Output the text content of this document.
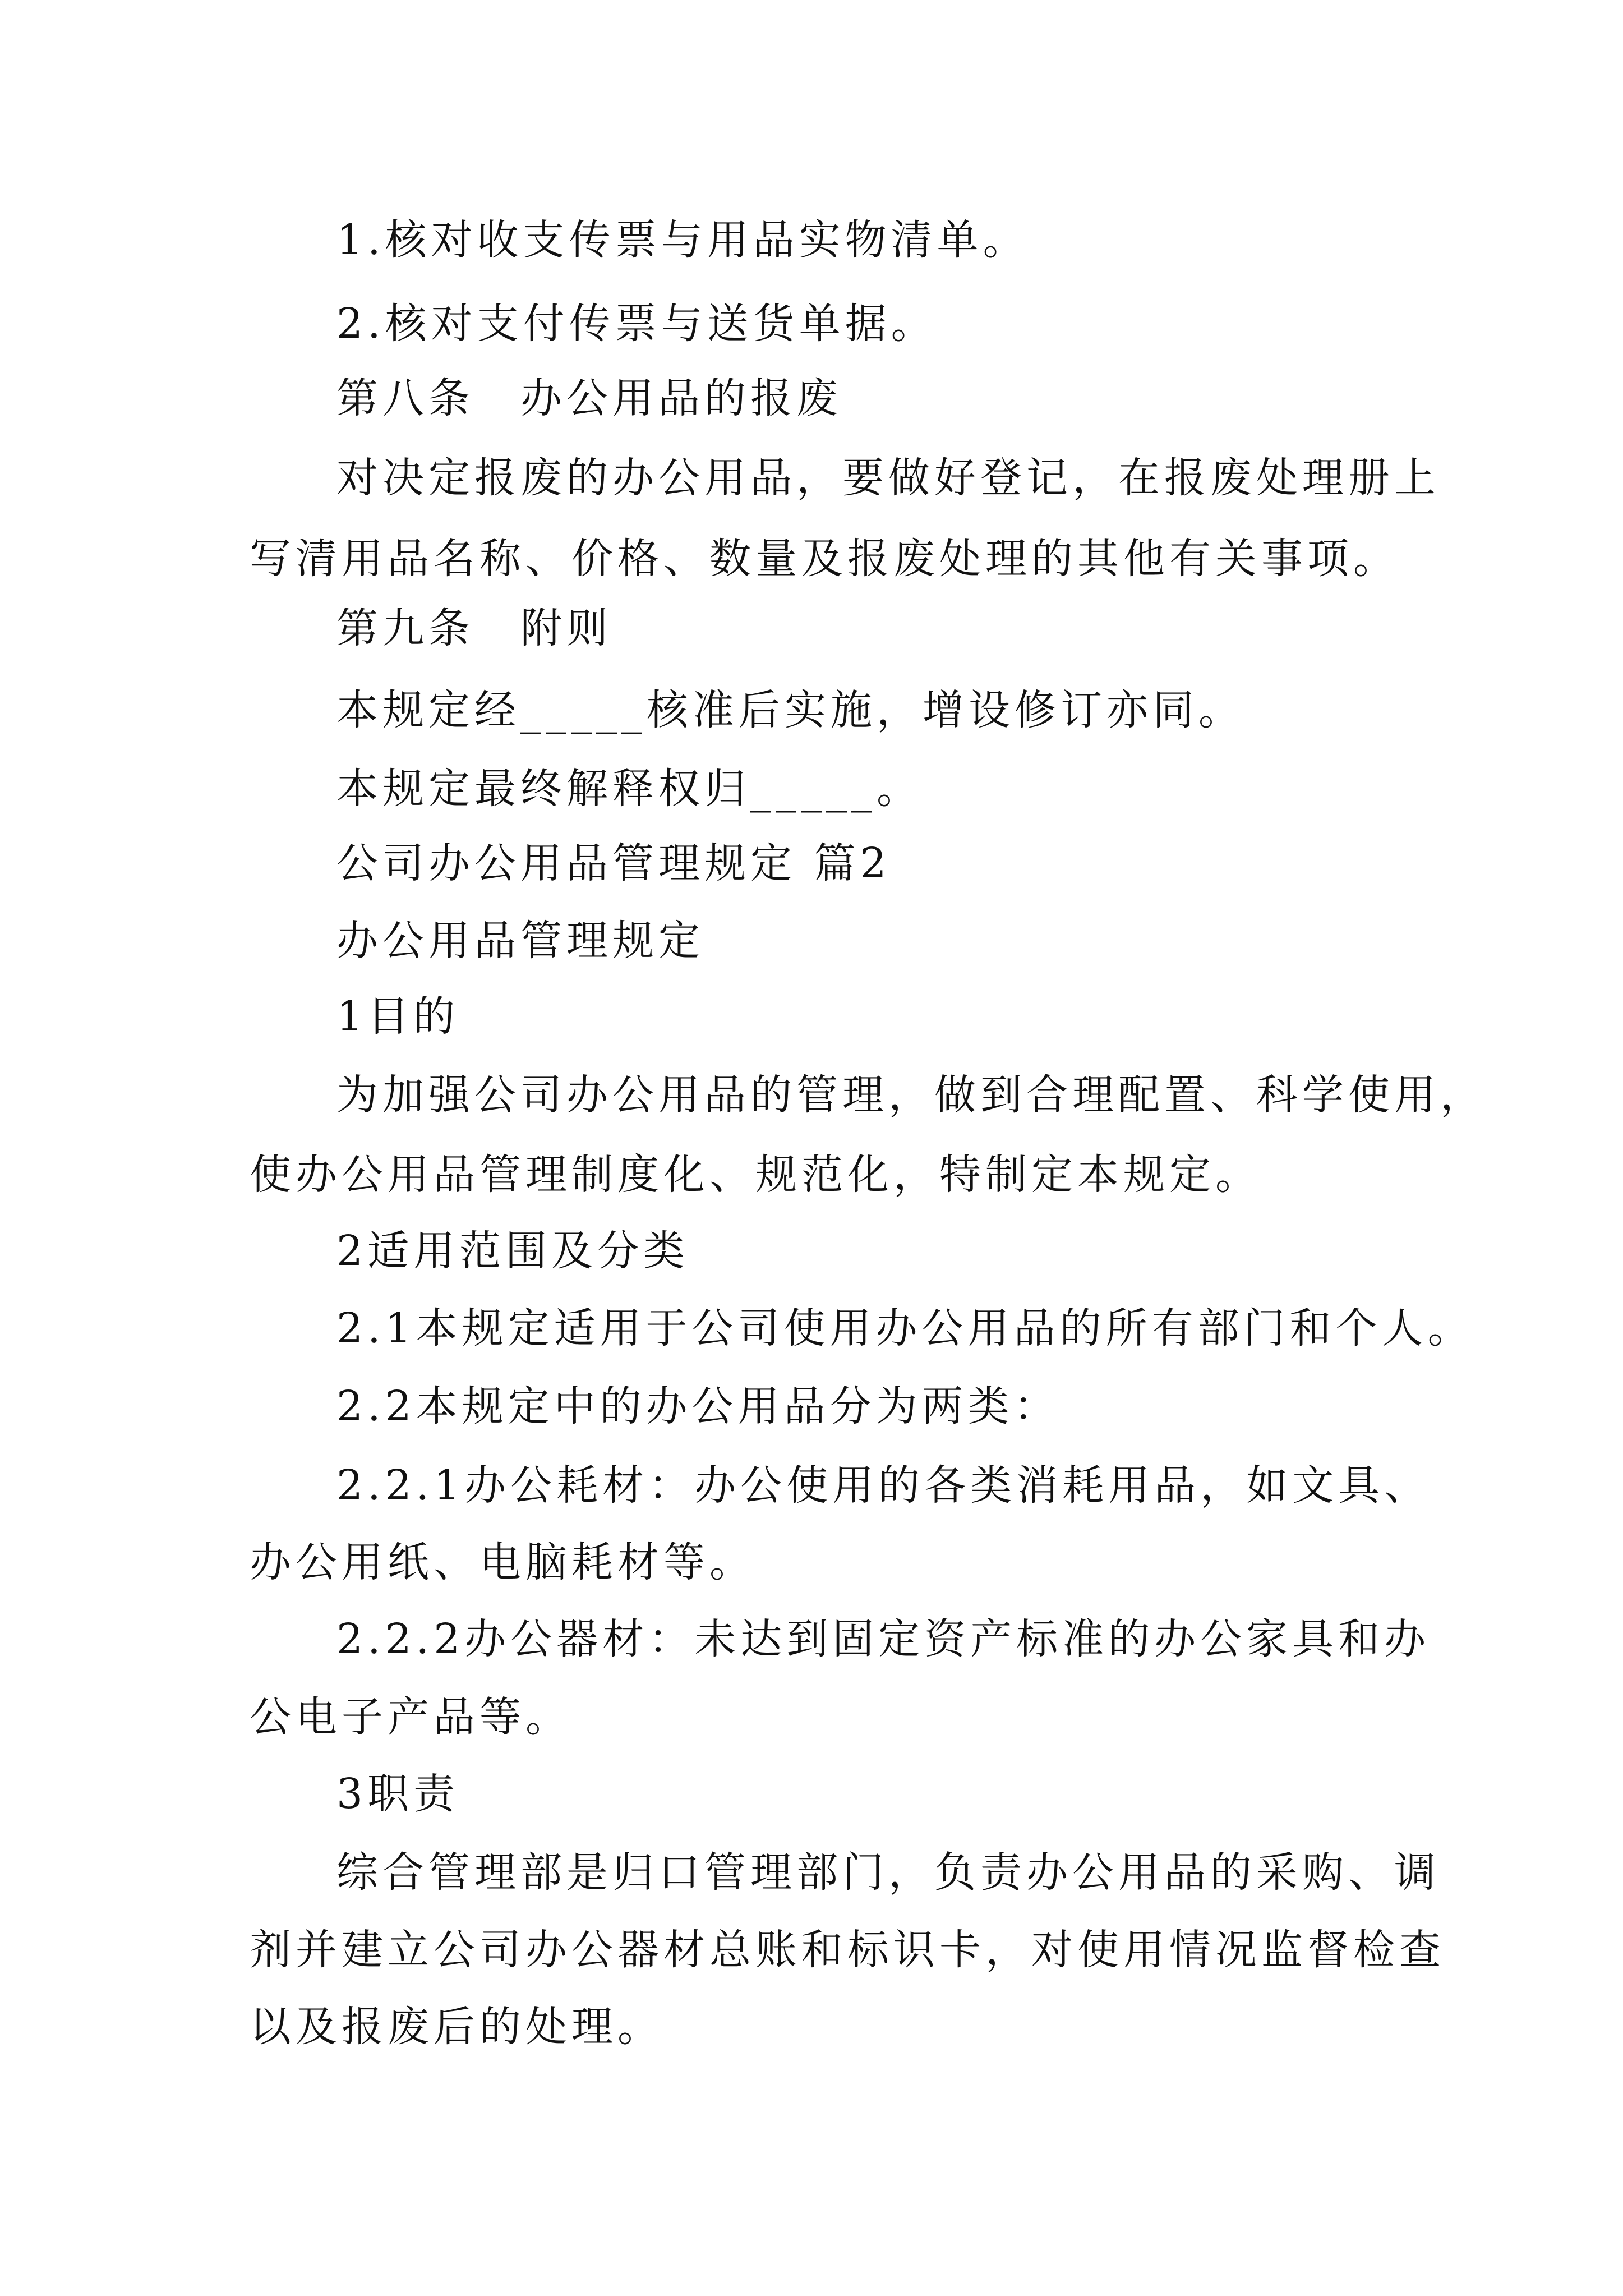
1.核对收支传票与用品实物清单。

2.核对支付传票与送货单据。

第八条　办公用品的报废

对决定报废的办公用品，要做好登记，在报废处理册上

写清用品名称、价格、数量及报废处理的其他有关事项。

第九条　附则

本规定经_____核准后实施，增设修订亦同。

本规定最终解释权归_____。

公司办公用品管理规定 篇2

办公用品管理规定

1目的

为加强公司办公用品的管理，做到合理配置、科学使用，

使办公用品管理制度化、规范化，特制定本规定。

2适用范围及分类

2.1本规定适用于公司使用办公用品的所有部门和个人。

2.2本规定中的办公用品分为两类：

2.2.1办公耗材：办公使用的各类消耗用品，如文具、

办公用纸、电脑耗材等。

2.2.2办公器材：未达到固定资产标准的办公家具和办

公电子产品等。

3职责

综合管理部是归口管理部门，负责办公用品的采购、调

剂并建立公司办公器材总账和标识卡，对使用情况监督检查

以及报废后的处理。
